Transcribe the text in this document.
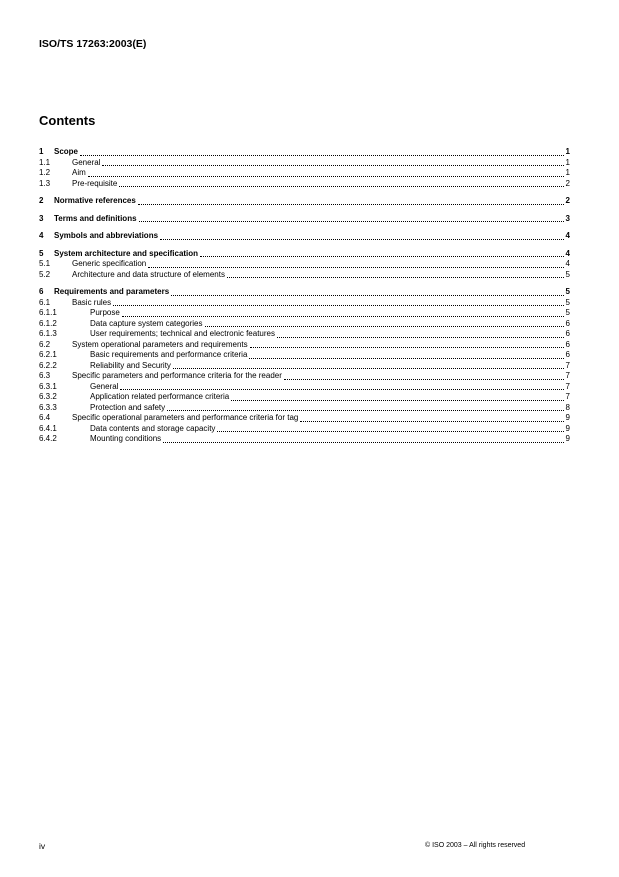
ISO/TS 17263:2003(E)
Contents
1 Scope	1
1.1	General	1
1.2	Aim	1
1.3	Pre-requisite	2
2 Normative references	2
3 Terms and definitions	3
4 Symbols and abbreviations	4
5 System architecture and specification	4
5.1	Generic specification	4
5.2	Architecture and data structure of elements	5
6 Requirements and parameters	5
6.1	Basic rules	5
6.1.1	Purpose	5
6.1.2	Data capture system categories	6
6.1.3	User requirements; technical and electronic features	6
6.2	System operational parameters and requirements	6
6.2.1	Basic requirements and performance criteria	6
6.2.2	Reliability and Security	7
6.3	Specific parameters and performance criteria for the reader	7
6.3.1	General	7
6.3.2	Application related performance criteria	7
6.3.3	Protection and safety	8
6.4	Specific operational parameters and performance criteria for tag	9
6.4.1	Data contents and storage capacity	9
6.4.2	Mounting conditions	9
iv	© ISO 2003 – All rights reserved
